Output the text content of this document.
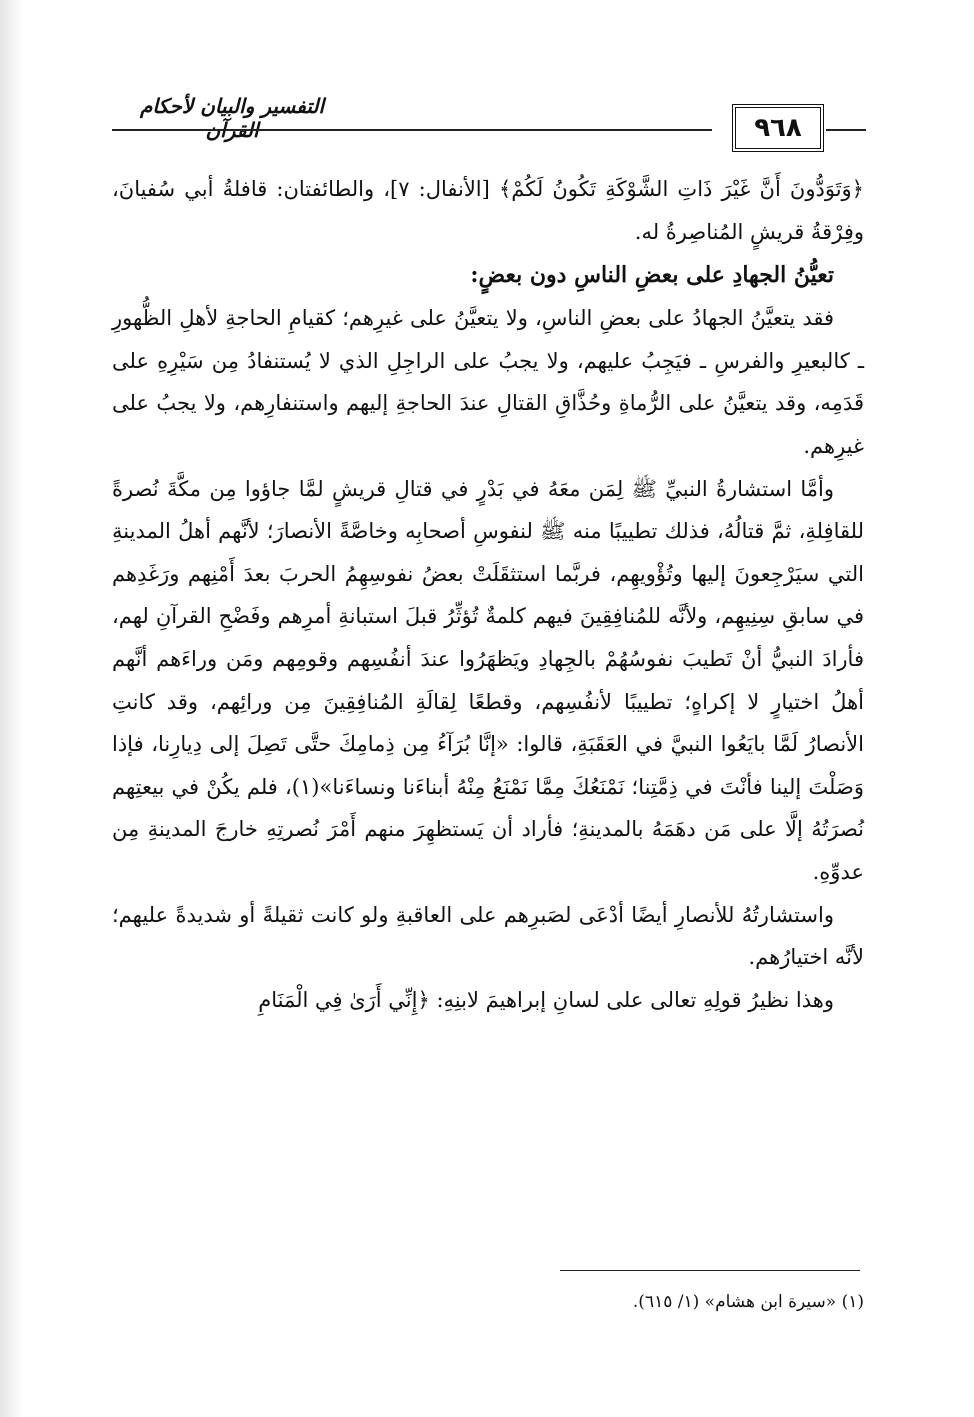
التفسير والبيان لأحكام القرآن	٩٦٨

﴿وَتَوَدُّونَ أَنَّ غَيْرَ ذَاتِ الشَّوْكَةِ تَكُونُ لَكُمْ﴾ [الأنفال: ٧]، والطائفتان: قافلةُ أبي سُفيانَ، وفِرْقةُ قريشٍ المُناصِرةُ له.

تعيُّنُ الجهادِ على بعضِ الناسِ دون بعضٍ:

فقد يتعيَّنُ الجهادُ على بعضِ الناسِ، ولا يتعيَّنُ على غيرِهم؛ كقيامِ الحاجةِ لأهلِ الظُّهورِ ـ كالبعيرِ والفرسِ ـ فيَجِبُ عليهم، ولا يجبُ على الراجِلِ الذي لا يُستنفادُ مِن سَيْرِهِ على قَدَمِه، وقد يتعيَّنُ على الرُّماةِ وحُذَّاقِ القتالِ عندَ الحاجةِ إليهم واستنفارِهم، ولا يجبُ على غيرِهم.

وأمَّا استشارةُ النبيِّ ﷺ لِمَن معَهُ في بَدْرٍ في قتالِ قريشٍ لمَّا جاؤوا مِن مكَّةَ نُصرةً للقافِلةِ، ثمَّ قتالُهُ، فذلك تطييبًا منه ﷺ لنفوسِ أصحابِه وخاصَّةً الأنصارَ؛ لأنَّهم أهلُ المدينةِ التي سيَرْجِعونَ إليها وتُؤْويهِم، فربَّما استثقَلَتْ بعضُ نفوسِهِمُ الحربَ بعدَ أَمْنِهم ورَغَدِهم في سابقِ سِنِيهِم، ولأنَّه للمُنافِقِينَ فيهم كلمةٌ تُؤثِّرُ قبلَ استبانةِ أمرِهم وفَضْحِ القرآنِ لهم، فأرادَ النبيُّ أنْ تَطيبَ نفوسُهُمْ بالجِهادِ ويَظهَرُوا عندَ أنفُسِهم وقومِهم ومَن وراءَهم أنَّهم أهلُ اختيارٍ لا إكراهٍ؛ تطييبًا لأنفُسِهم، وقطعًا لِقالَةِ المُنافِقِينَ مِن ورائِهم، وقد كانتِ الأنصارُ لَمَّا بايَعُوا النبيَّ في العَقَبَةِ، قالوا: «إنَّا بُرَآءُ مِن ذِمامِكَ حتَّى تَصِلَ إلى دِيارِنا، فإذا وَصَلْتَ إلينا فأنْتَ في ذِمَّتِنا؛ نَمْنَعُكَ مِمَّا نَمْنَعُ مِنْهُ أبناءَنا ونساءَنا»(١)، فلم يكُنْ في بيعتِهم نُصرَتُهُ إلَّا على مَن دهَمَهُ بالمدينةِ؛ فأراد أن يَستظهِرَ منهم أَمْرَ نُصرتِهِ خارجَ المدينةِ مِن عدوِّهِ.

واستشارتُهُ للأنصارِ أيضًا أدْعَى لصَبرِهم على العاقبةِ ولو كانت ثقيلةً أو شديدةً عليهم؛ لأنَّه اختيارُهم.

وهذا نظيرُ قولِهِ تعالى على لسانِ إبراهيمَ لابنِهِ: ﴿إِنِّي أَرَىٰ فِي الْمَنَامِ

(١) «سيرة ابن هشام» (١/ ٦١٥).
